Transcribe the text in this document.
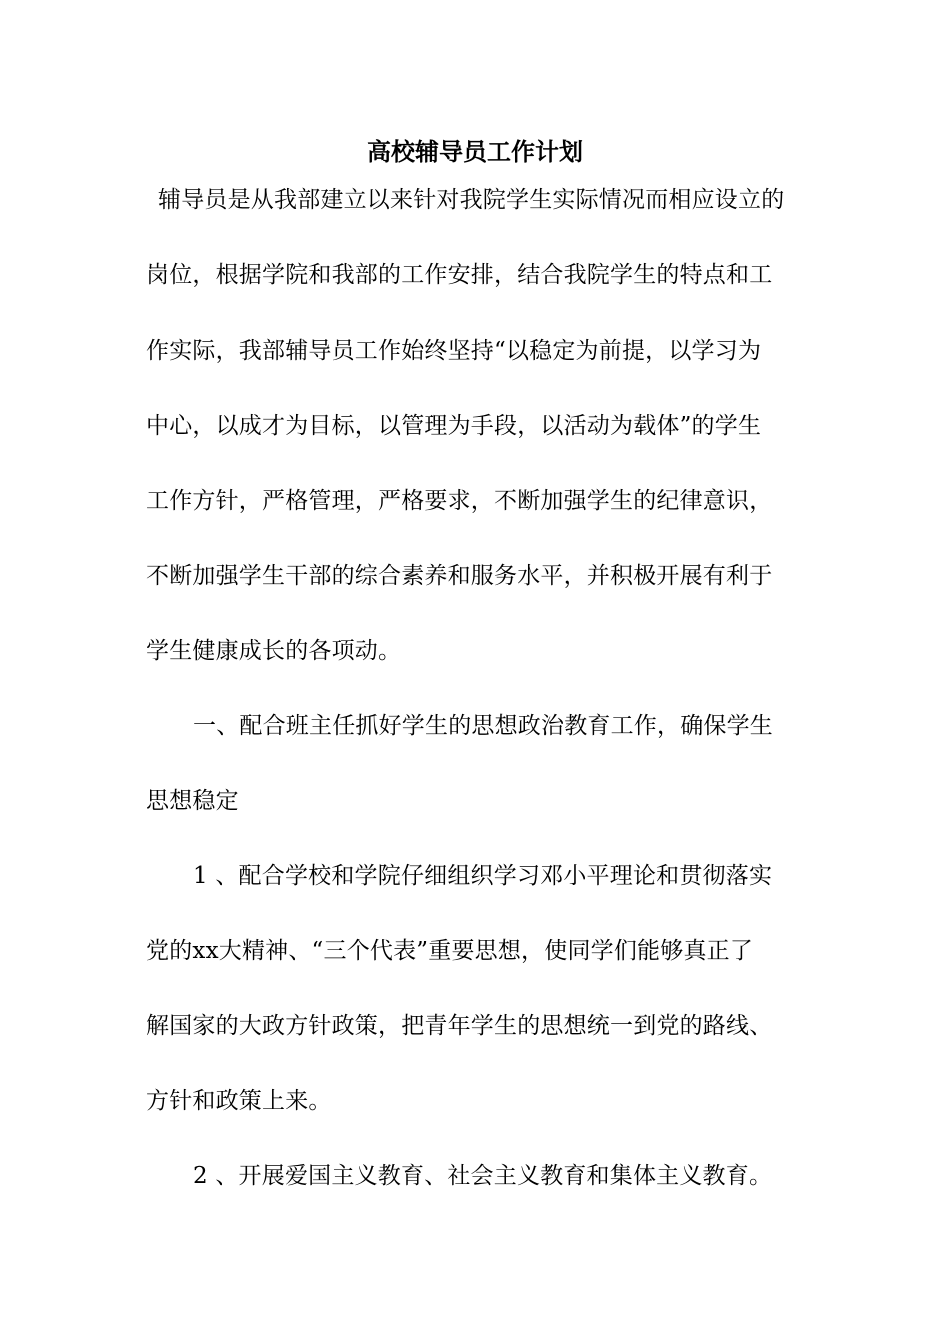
高校辅导员工作计划

辅导员是从我部建立以来针对我院学生实际情况而相应设立的

岗位，根据学院和我部的工作安排，结合我院学生的特点和工

作实际，我部辅导员工作始终坚持“以稳定为前提，以学习为

中心，以成才为目标，以管理为手段，以活动为载体”的学生

工作方针，严格管理，严格要求，不断加强学生的纪律意识，

不断加强学生干部的综合素养和服务水平，并积极开展有利于

学生健康成长的各项动。

一、配合班主任抓好学生的思想政治教育工作，确保学生

思想稳定

1 、配合学校和学院仔细组织学习邓小平理论和贯彻落实

党的xx大精神、“三个代表”重要思想，使同学们能够真正了

解国家的大政方针政策，把青年学生的思想统一到党的路线、

方针和政策上来。

2 、开展爱国主义教育、社会主义教育和集体主义教育。
